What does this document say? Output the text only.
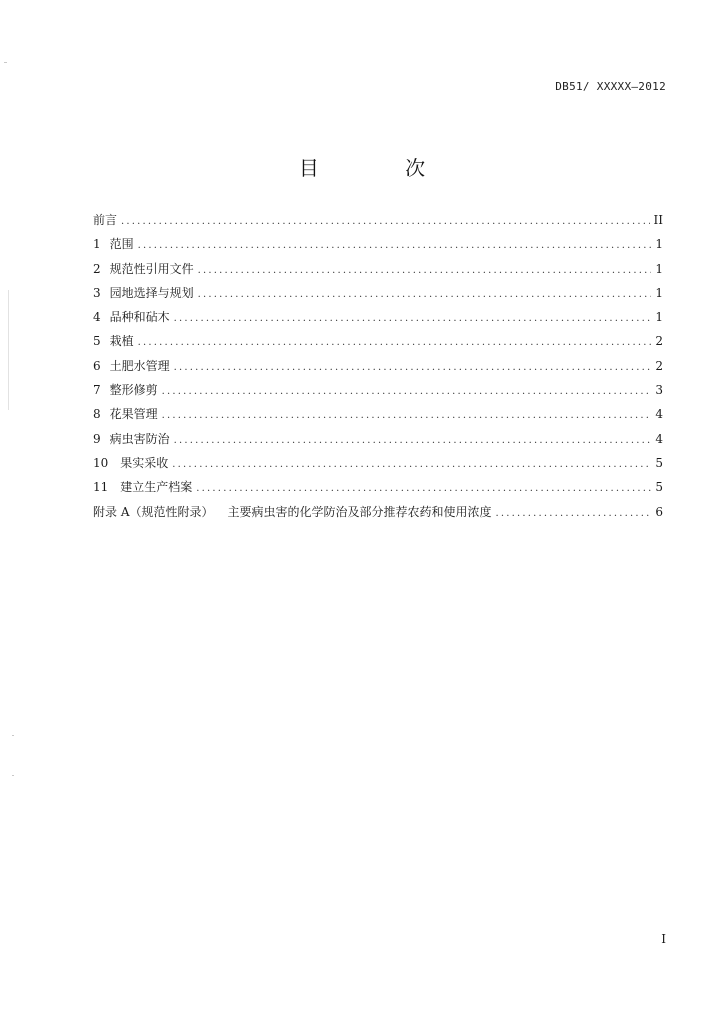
DB51/ XXXXX—2012
目 次
前言 .....	II
1 范围 .....	1
2 规范性引用文件 .....	1
3 园地选择与规划 .....	1
4 品种和砧木 .....	1
5 栽植 .....	2
6 土肥水管理 .....	2
7 整形修剪 .....	3
8 花果管理 .....	4
9 病虫害防治 .....	4
10 果实采收 .....	5
11 建立生产档案 .....	5
附录 A（规范性附录） 主要病虫害的化学防治及部分推荐农药和使用浓度 .....	6
I
